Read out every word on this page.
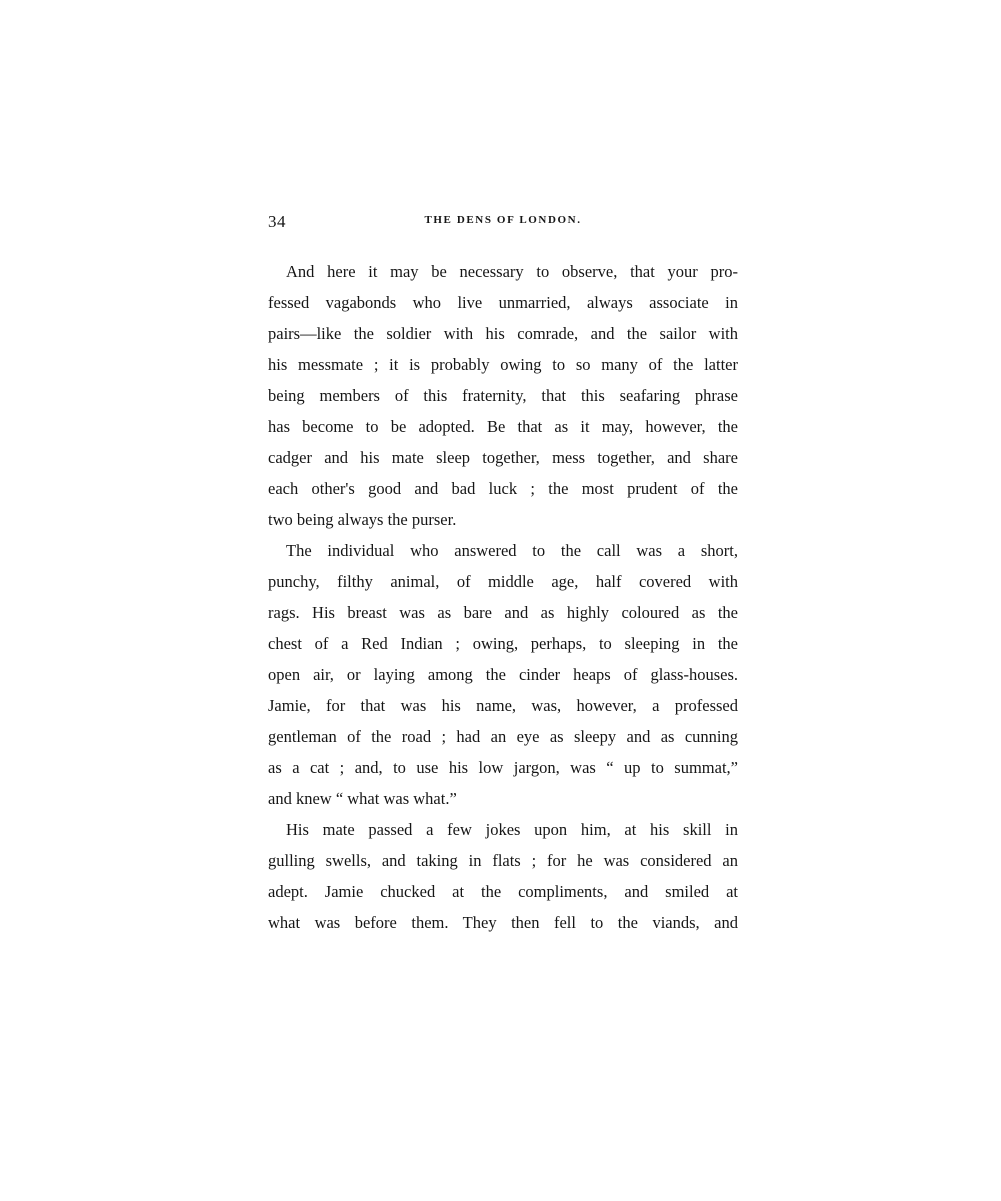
34	THE DENS OF LONDON.
And here it may be necessary to observe, that your pro-
fessed vagabonds who live unmarried, always associate in
pairs—like the soldier with his comrade, and the sailor with
his messmate ; it is probably owing to so many of the latter
being members of this fraternity, that this seafaring phrase
has become to be adopted. Be that as it may, however, the
cadger and his mate sleep together, mess together, and share
each other's good and bad luck ; the most prudent of the
two being always the purser.
The individual who answered to the call was a short,
punchy, filthy animal, of middle age, half covered with
rags. His breast was as bare and as highly coloured as the
chest of a Red Indian ; owing, perhaps, to sleeping in the
open air, or laying among the cinder heaps of glass-houses.
Jamie, for that was his name, was, however, a professed
gentleman of the road ; had an eye as sleepy and as cunning
as a cat ; and, to use his low jargon, was “ up to summat,”
and knew “ what was what.”
His mate passed a few jokes upon him, at his skill in
gulling swells, and taking in flats ; for he was considered an
adept. Jamie chucked at the compliments, and smiled at
what was before them. They then fell to the viands, and
